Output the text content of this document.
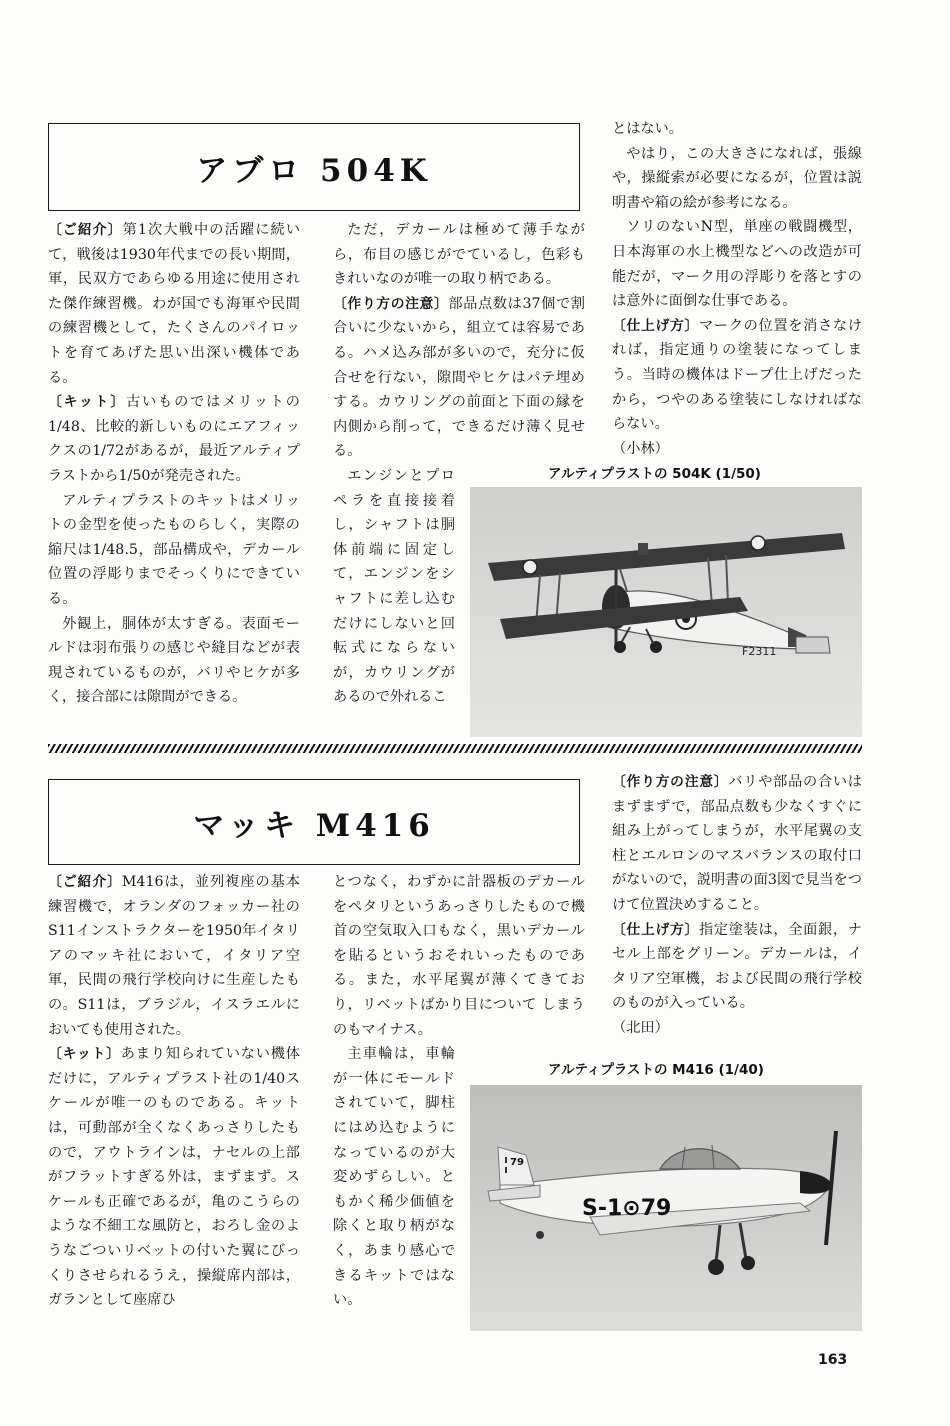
アブロ 504K

〔ご紹介〕第1次大戦中の活躍に続いて，戦後は1930年代までの長い期間，軍，民双方であらゆる用途に使用された傑作練習機。わが国でも海軍や民間の練習機として，たくさんのパイロットを育てあげた思い出深い機体である。

〔キット〕古いものではメリットの1/48、比較的新しいものにエアフィックスの1/72があるが，最近アルティプラストから1/50が発売された。

アルティプラストのキットはメリットの金型を使ったものらしく，実際の縮尺は1/48.5，部品構成や，デカール位置の浮彫りまでそっくりにできている。

外観上，胴体が太すぎる。表面モールドは羽布張りの感じや縫目などが表現されているものが，バリやヒケが多く，接合部には隙間ができる。

ただ，デカールは極めて薄手ながら，布目の感じがでているし，色彩もきれいなのが唯一の取り柄である。

〔作り方の注意〕部品点数は37個で割合いに少ないから，組立ては容易である。ハメ込み部が多いので，充分に仮合せを行ない，隙間やヒケはパテ埋めする。カウリングの前面と下面の縁を内側から削って，できるだけ薄く見せる。

エンジンとプロペラを直接接着し，シャフトは胴体前端に固定して，エンジンをシャフトに差し込むだけにしないと回転式にならないが，カウリングがあるので外れるこ

とはない。

やはり，この大きさになれば，張線や，操縦索が必要になるが，位置は説明書や箱の絵が参考になる。

ソリのないN型，単座の戦闘機型，日本海軍の水上機型などへの改造が可能だが，マーク用の浮彫りを落とすのは意外に面倒な仕事である。

〔仕上げ方〕マークの位置を消さなければ，指定通りの塗装になってしまう。当時の機体はドープ仕上げだったから，つやのある塗装にしなければならない。

（小林）

アルティプラストの 504K (1/50)
F2311
マッキ M416

〔ご紹介〕M416は，並列複座の基本練習機で，オランダのフォッカー社のS11インストラクターを1950年イタリアのマッキ社において，イタリア空軍，民間の飛行学校向けに生産したもの。S11は，ブラジル，イスラエルにおいても使用された。

〔キット〕あまり知られていない機体だけに，アルティプラスト社の1/40スケールが唯一のものである。キットは，可動部が全くなくあっさりしたもので，アウトラインは，ナセルの上部がフラットすぎる外は，まずまず。スケールも正確であるが，亀のこうらのような不細工な風防と，おろし金のようなごついリベットの付いた翼にびっくりさせられるうえ，操縦席内部は，ガランとして座席ひ

とつなく，わずかに計器板のデカールをペタリというあっさりしたもので機首の空気取入口もなく，黒いデカールを貼るというおそれいったものである。また，水平尾翼が薄くてきており，リベットばかり目について しまうのもマイナス。

主車輪は，車輪が一体にモールドされていて，脚柱にはめ込むようになっているのが大変めずらしい。ともかく稀少価値を除くと取り柄がなく，あまり感心できるキットではない。

〔作り方の注意〕バリや部品の合いはまずまずで，部品点数も少なくすぐに組み上がってしまうが，水平尾翼の支柱とエルロンのマスバランスの取付口がないので，説明書の面3図で見当をつけて位置決めすること。

〔仕上げ方〕指定塗装は，全面銀，ナセル上部をグリーン。デカールは，イタリア空軍機，および民間の飛行学校のものが入っている。

（北田）

アルティプラストの M416 (1/40)
S-1⊙79
79
163
